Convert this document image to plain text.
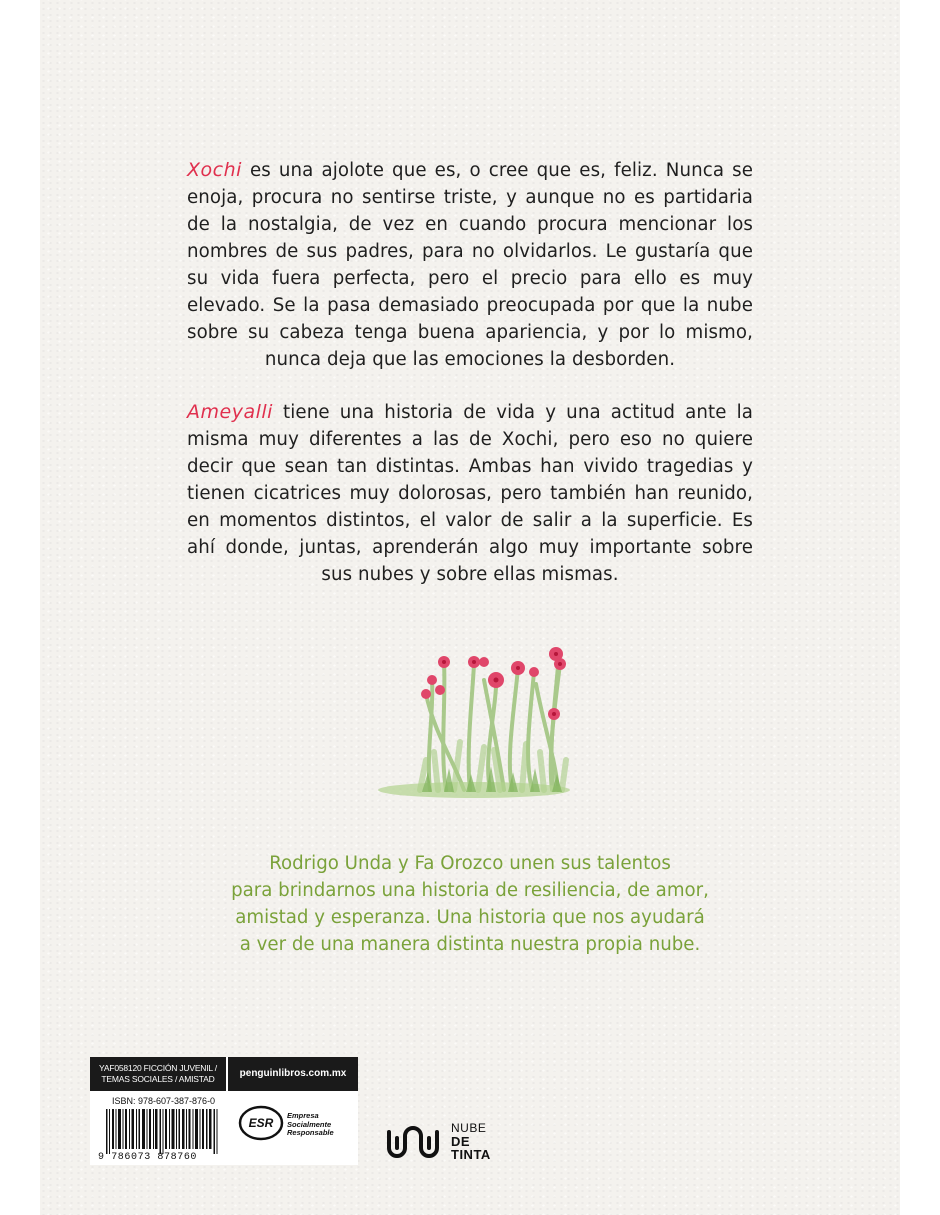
Xochi es una ajolote que es, o cree que es, feliz. Nunca se enoja, procura no sentirse triste, y aunque no es partidaria de la nostalgia, de vez en cuando procura mencionar los nombres de sus padres, para no olvidarlos. Le gustaría que su vida fuera perfecta, pero el precio para ello es muy elevado. Se la pasa demasiado preocupada por que la nube sobre su cabeza tenga buena apariencia, y por lo mismo, nunca deja que las emociones la desborden.
Ameyalli tiene una historia de vida y una actitud ante la misma muy diferentes a las de Xochi, pero eso no quiere decir que sean tan distintas. Ambas han vivido tragedias y tienen cicatrices muy dolorosas, pero también han reunido, en momentos distintos, el valor de salir a la superficie. Es ahí donde, juntas, aprenderán algo muy importante sobre sus nubes y sobre ellas mismas.
Rodrigo Unda y Fa Orozco unen sus talentos
para brindarnos una historia de resiliencia, de amor,
amistad y esperanza. Una historia que nos ayudará
a ver de una manera distinta nuestra propia nube.
YAF058120 FICCIÓN JUVENIL /
TEMAS SOCIALES / AMISTAD	penguinlibros.com.mx
ISBN: 978-607-387-876-0
9 786073 878760
ESR
Empresa
Socialmente
Responsable	NUBE
DE
TINTA
